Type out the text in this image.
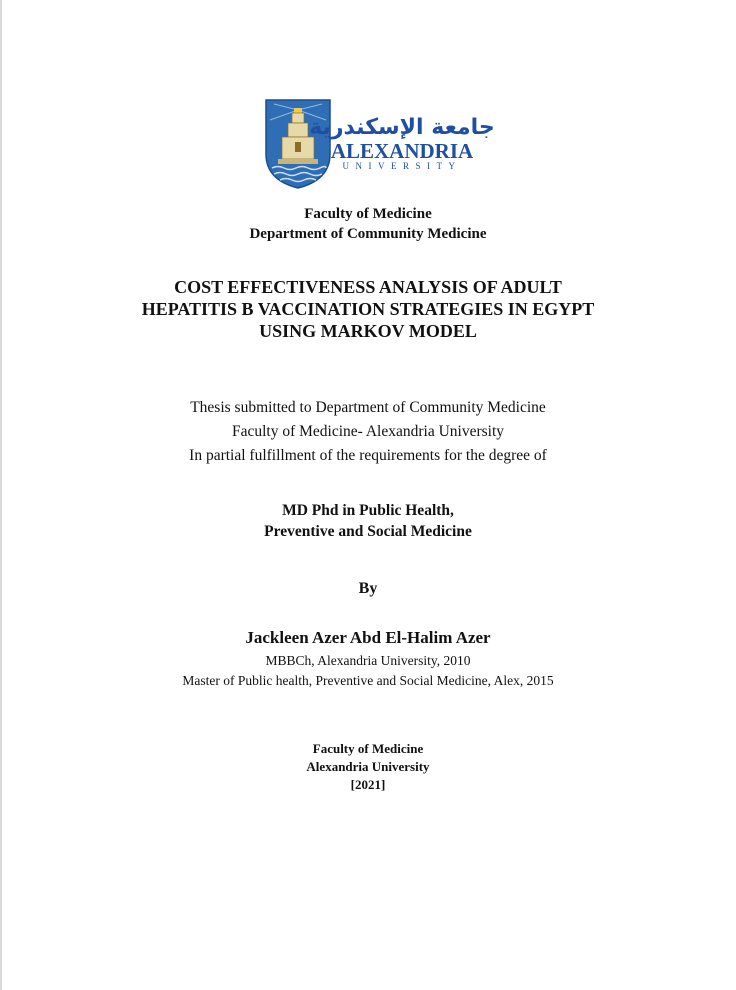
جامعة الإسكندرية
ALEXANDRIA
UNIVERSITY
Faculty of Medicine
Department of Community Medicine
COST EFFECTIVENESS ANALYSIS OF ADULT
HEPATITIS B VACCINATION STRATEGIES IN EGYPT
USING MARKOV MODEL
Thesis submitted to Department of Community Medicine
Faculty of Medicine- Alexandria University
In partial fulfillment of the requirements for the degree of
MD Phd in Public Health,
Preventive and Social Medicine
By
Jackleen Azer Abd El-Halim Azer
MBBCh, Alexandria University, 2010
Master of Public health, Preventive and Social Medicine, Alex, 2015
Faculty of Medicine
Alexandria University
[2021]
